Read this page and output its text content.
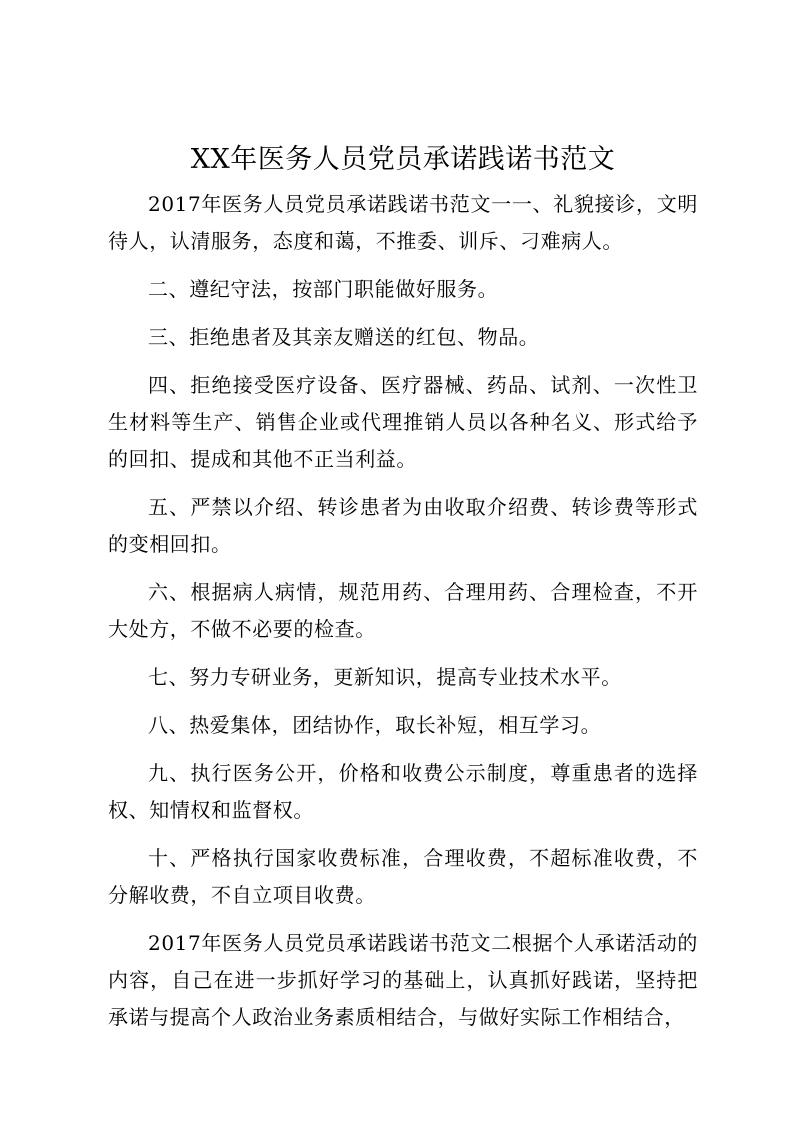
XX年医务人员党员承诺践诺书范文

2017年医务人员党员承诺践诺书范文一一、礼貌接诊，文明待人，认清服务，态度和蔼，不推委、训斥、刁难病人。

二、遵纪守法，按部门职能做好服务。

三、拒绝患者及其亲友赠送的红包、物品。

四、拒绝接受医疗设备、医疗器械、药品、试剂、一次性卫生材料等生产、销售企业或代理推销人员以各种名义、形式给予的回扣、提成和其他不正当利益。

五、严禁以介绍、转诊患者为由收取介绍费、转诊费等形式的变相回扣。

六、根据病人病情，规范用药、合理用药、合理检查，不开大处方，不做不必要的检查。

七、努力专研业务，更新知识，提高专业技术水平。

八、热爱集体，团结协作，取长补短，相互学习。

九、执行医务公开，价格和收费公示制度，尊重患者的选择权、知情权和监督权。

十、严格执行国家收费标准，合理收费，不超标准收费，不分解收费，不自立项目收费。

2017年医务人员党员承诺践诺书范文二根据个人承诺活动的内容，自己在进一步抓好学习的基础上，认真抓好践诺，坚持把承诺与提高个人政治业务素质相结合，与做好实际工作相结合，
